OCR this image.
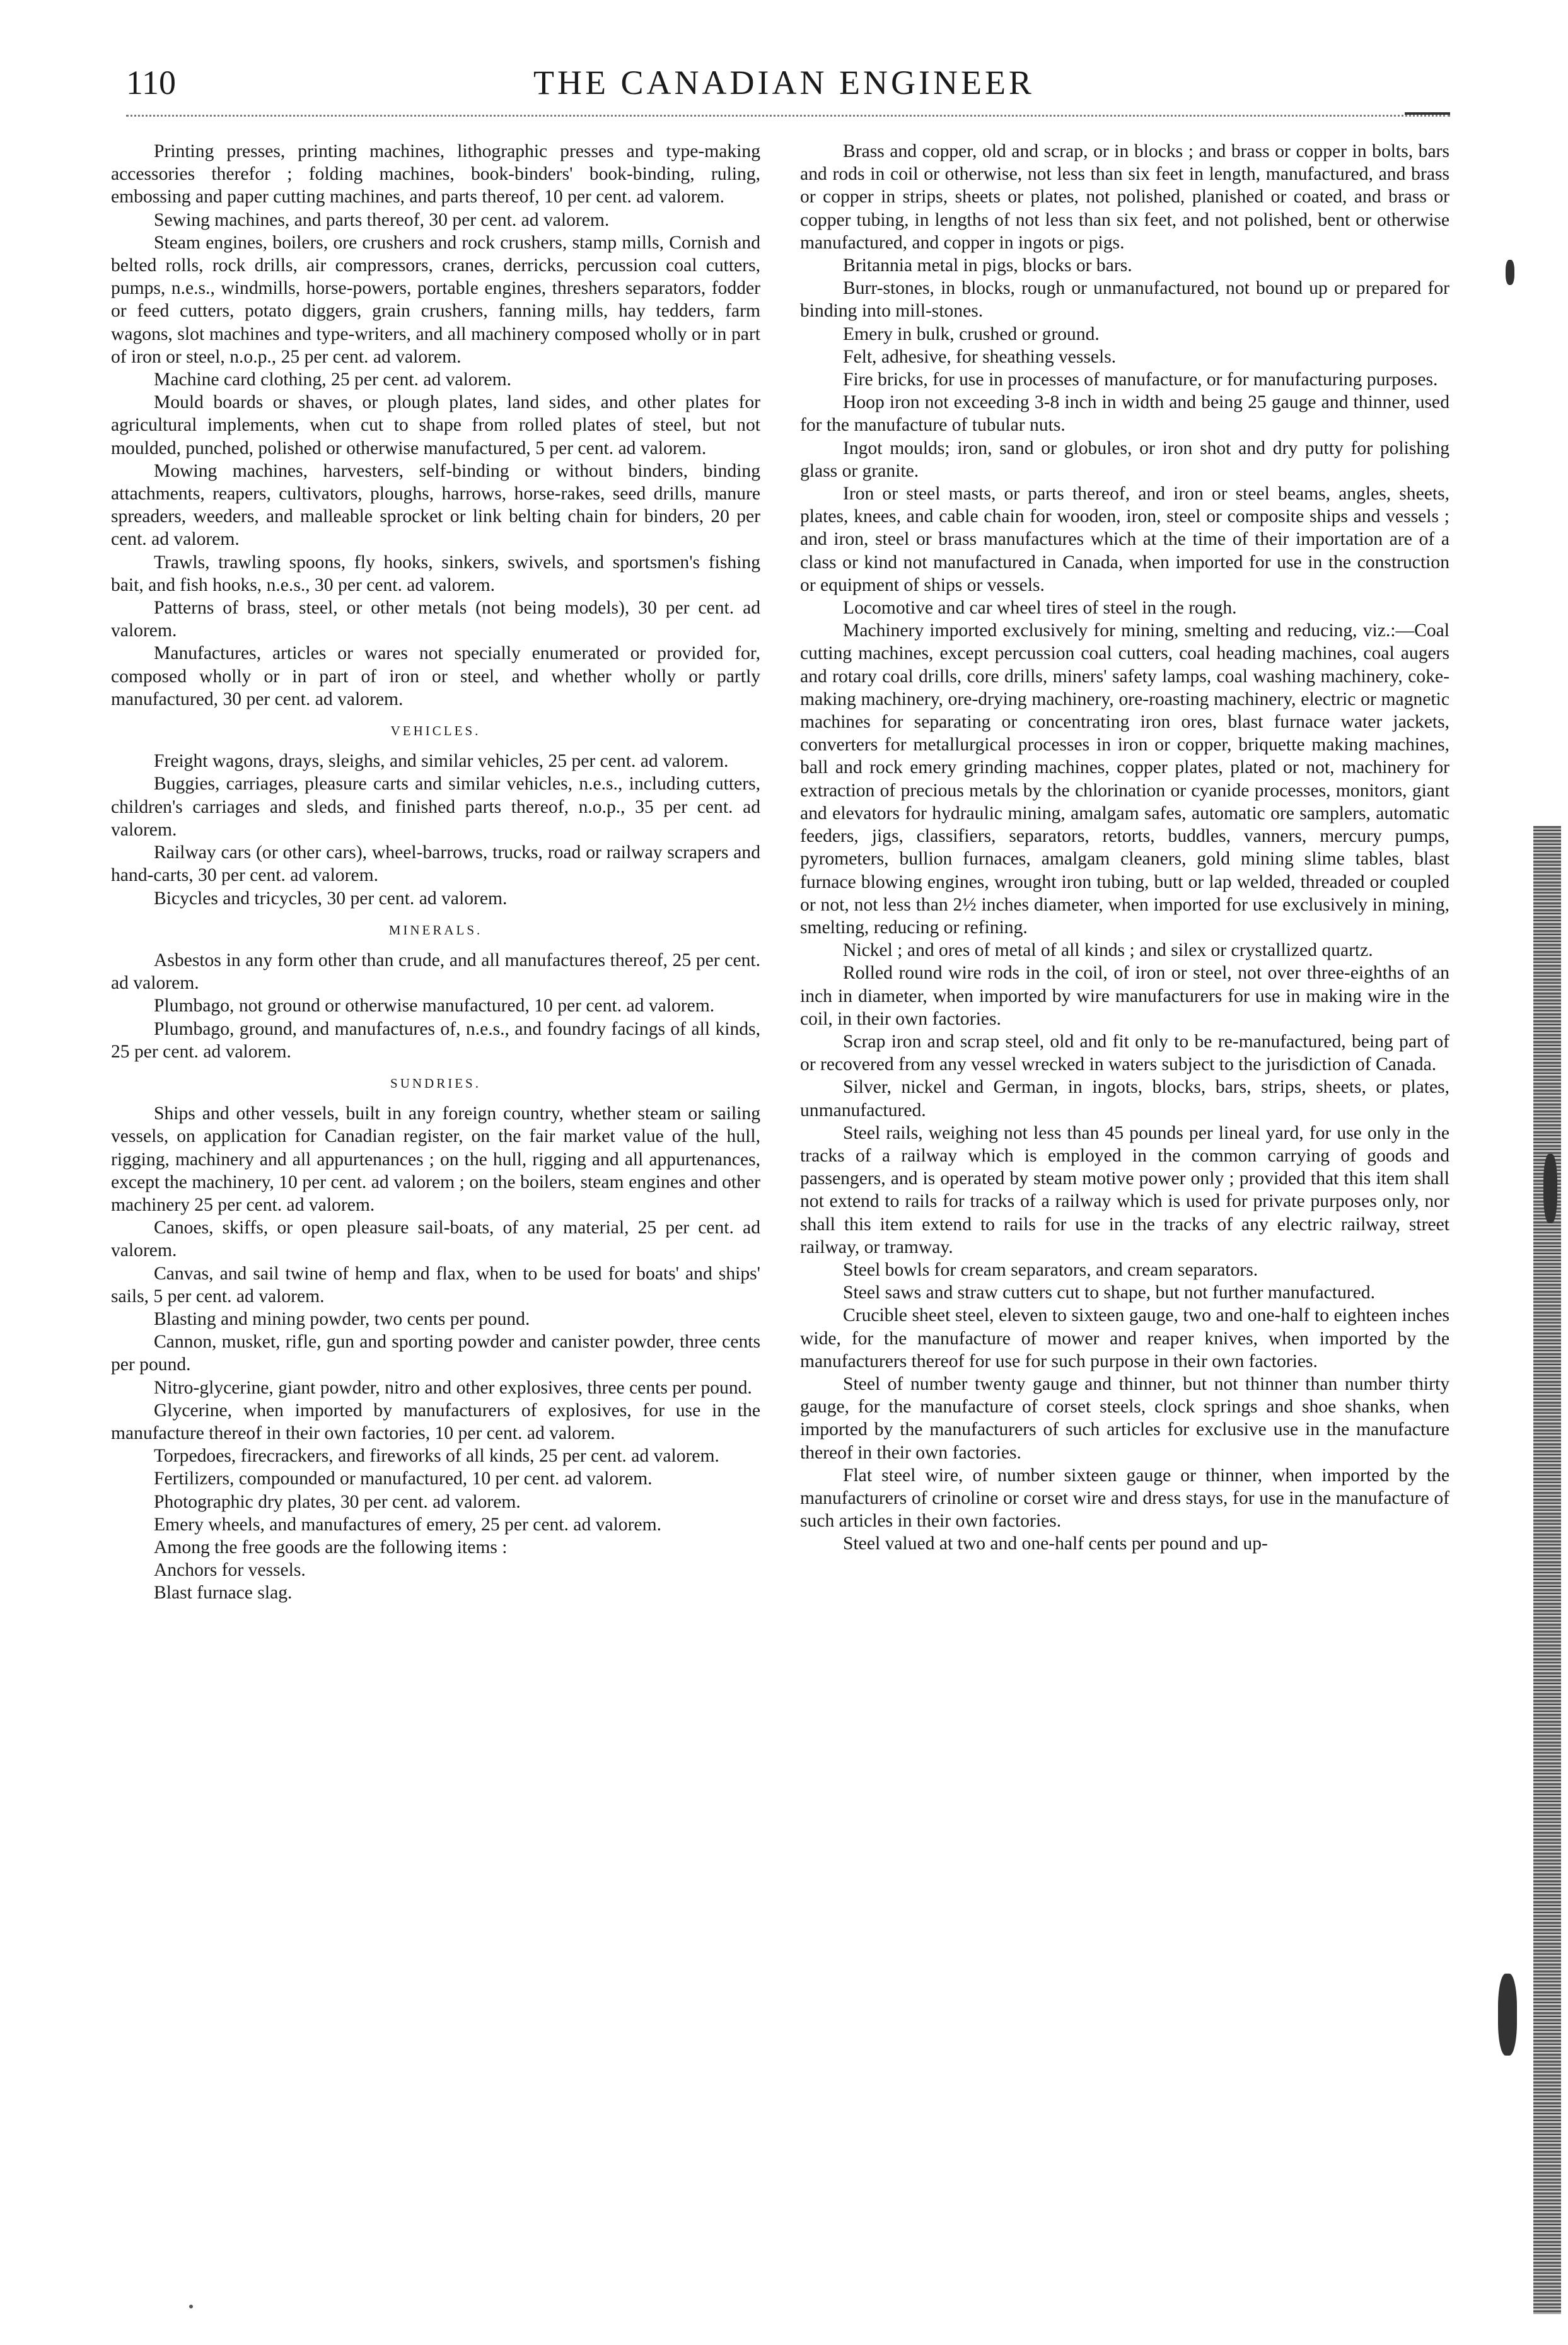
110	THE CANADIAN ENGINEER

Printing presses, printing machines, lithographic presses and type-making accessories therefor ; folding machines, book-binders' book-binding, ruling, embossing and paper cutting machines, and parts thereof, 10 per cent. ad valorem.

Sewing machines, and parts thereof, 30 per cent. ad valorem.

Steam engines, boilers, ore crushers and rock crushers, stamp mills, Cornish and belted rolls, rock drills, air compressors, cranes, derricks, percussion coal cutters, pumps, n.e.s., windmills, horse-powers, portable engines, threshers separators, fodder or feed cutters, potato diggers, grain crushers, fanning mills, hay tedders, farm wagons, slot machines and type-writers, and all machinery composed wholly or in part of iron or steel, n.o.p., 25 per cent. ad valorem.

Machine card clothing, 25 per cent. ad valorem.

Mould boards or shaves, or plough plates, land sides, and other plates for agricultural implements, when cut to shape from rolled plates of steel, but not moulded, punched, polished or otherwise manufactured, 5 per cent. ad valorem.

Mowing machines, harvesters, self-binding or without binders, binding attachments, reapers, cultivators, ploughs, harrows, horse-rakes, seed drills, manure spreaders, weeders, and malleable sprocket or link belting chain for binders, 20 per cent. ad valorem.

Trawls, trawling spoons, fly hooks, sinkers, swivels, and sportsmen's fishing bait, and fish hooks, n.e.s., 30 per cent. ad valorem.

Patterns of brass, steel, or other metals (not being models), 30 per cent. ad valorem.

Manufactures, articles or wares not specially enumerated or provided for, composed wholly or in part of iron or steel, and whether wholly or partly manufactured, 30 per cent. ad valorem.

VEHICLES.

Freight wagons, drays, sleighs, and similar vehicles, 25 per cent. ad valorem.

Buggies, carriages, pleasure carts and similar vehicles, n.e.s., including cutters, children's carriages and sleds, and finished parts thereof, n.o.p., 35 per cent. ad valorem.

Railway cars (or other cars), wheel-barrows, trucks, road or railway scrapers and hand-carts, 30 per cent. ad valorem.

Bicycles and tricycles, 30 per cent. ad valorem.

MINERALS.

Asbestos in any form other than crude, and all manufactures thereof, 25 per cent. ad valorem.

Plumbago, not ground or otherwise manufactured, 10 per cent. ad valorem.

Plumbago, ground, and manufactures of, n.e.s., and foundry facings of all kinds, 25 per cent. ad valorem.

SUNDRIES.

Ships and other vessels, built in any foreign country, whether steam or sailing vessels, on application for Canadian register, on the fair market value of the hull, rigging, machinery and all appurtenances ; on the hull, rigging and all appurtenances, except the machinery, 10 per cent. ad valorem ; on the boilers, steam engines and other machinery 25 per cent. ad valorem.

Canoes, skiffs, or open pleasure sail-boats, of any material, 25 per cent. ad valorem.

Canvas, and sail twine of hemp and flax, when to be used for boats' and ships' sails, 5 per cent. ad valorem.

Blasting and mining powder, two cents per pound.

Cannon, musket, rifle, gun and sporting powder and canister powder, three cents per pound.

Nitro-glycerine, giant powder, nitro and other explosives, three cents per pound.

Glycerine, when imported by manufacturers of explosives, for use in the manufacture thereof in their own factories, 10 per cent. ad valorem.

Torpedoes, firecrackers, and fireworks of all kinds, 25 per cent. ad valorem.

Fertilizers, compounded or manufactured, 10 per cent. ad valorem.

Photographic dry plates, 30 per cent. ad valorem.

Emery wheels, and manufactures of emery, 25 per cent. ad valorem.

Among the free goods are the following items :

Anchors for vessels.

Blast furnace slag.

Brass and copper, old and scrap, or in blocks ; and brass or copper in bolts, bars and rods in coil or otherwise, not less than six feet in length, manufactured, and brass or copper in strips, sheets or plates, not polished, planished or coated, and brass or copper tubing, in lengths of not less than six feet, and not polished, bent or otherwise manufactured, and copper in ingots or pigs.

Britannia metal in pigs, blocks or bars.

Burr-stones, in blocks, rough or unmanufactured, not bound up or prepared for binding into mill-stones.

Emery in bulk, crushed or ground.

Felt, adhesive, for sheathing vessels.

Fire bricks, for use in processes of manufacture, or for manufacturing purposes.

Hoop iron not exceeding 3-8 inch in width and being 25 gauge and thinner, used for the manufacture of tubular nuts.

Ingot moulds; iron, sand or globules, or iron shot and dry putty for polishing glass or granite.

Iron or steel masts, or parts thereof, and iron or steel beams, angles, sheets, plates, knees, and cable chain for wooden, iron, steel or composite ships and vessels ; and iron, steel or brass manufactures which at the time of their importation are of a class or kind not manufactured in Canada, when imported for use in the construction or equipment of ships or vessels.

Locomotive and car wheel tires of steel in the rough.

Machinery imported exclusively for mining, smelting and reducing, viz.:—Coal cutting machines, except percussion coal cutters, coal heading machines, coal augers and rotary coal drills, core drills, miners' safety lamps, coal washing machinery, coke-making machinery, ore-drying machinery, ore-roasting machinery, electric or magnetic machines for separating or concentrating iron ores, blast furnace water jackets, converters for metallurgical processes in iron or copper, briquette making machines, ball and rock emery grinding machines, copper plates, plated or not, machinery for extraction of precious metals by the chlorination or cyanide processes, monitors, giant and elevators for hydraulic mining, amalgam safes, automatic ore samplers, automatic feeders, jigs, classifiers, separators, retorts, buddles, vanners, mercury pumps, pyrometers, bullion furnaces, amalgam cleaners, gold mining slime tables, blast furnace blowing engines, wrought iron tubing, butt or lap welded, threaded or coupled or not, not less than 2½ inches diameter, when imported for use exclusively in mining, smelting, reducing or refining.

Nickel ; and ores of metal of all kinds ; and silex or crystallized quartz.

Rolled round wire rods in the coil, of iron or steel, not over three-eighths of an inch in diameter, when imported by wire manufacturers for use in making wire in the coil, in their own factories.

Scrap iron and scrap steel, old and fit only to be re-manufactured, being part of or recovered from any vessel wrecked in waters subject to the jurisdiction of Canada.

Silver, nickel and German, in ingots, blocks, bars, strips, sheets, or plates, unmanufactured.

Steel rails, weighing not less than 45 pounds per lineal yard, for use only in the tracks of a railway which is employed in the common carrying of goods and passengers, and is operated by steam motive power only ; provided that this item shall not extend to rails for tracks of a railway which is used for private purposes only, nor shall this item extend to rails for use in the tracks of any electric railway, street railway, or tramway.

Steel bowls for cream separators, and cream separators.

Steel saws and straw cutters cut to shape, but not further manufactured.

Crucible sheet steel, eleven to sixteen gauge, two and one-half to eighteen inches wide, for the manufacture of mower and reaper knives, when imported by the manufacturers thereof for use for such purpose in their own factories.

Steel of number twenty gauge and thinner, but not thinner than number thirty gauge, for the manufacture of corset steels, clock springs and shoe shanks, when imported by the manufacturers of such articles for exclusive use in the manufacture thereof in their own factories.

Flat steel wire, of number sixteen gauge or thinner, when imported by the manufacturers of crinoline or corset wire and dress stays, for use in the manufacture of such articles in their own factories.

Steel valued at two and one-half cents per pound and up-
